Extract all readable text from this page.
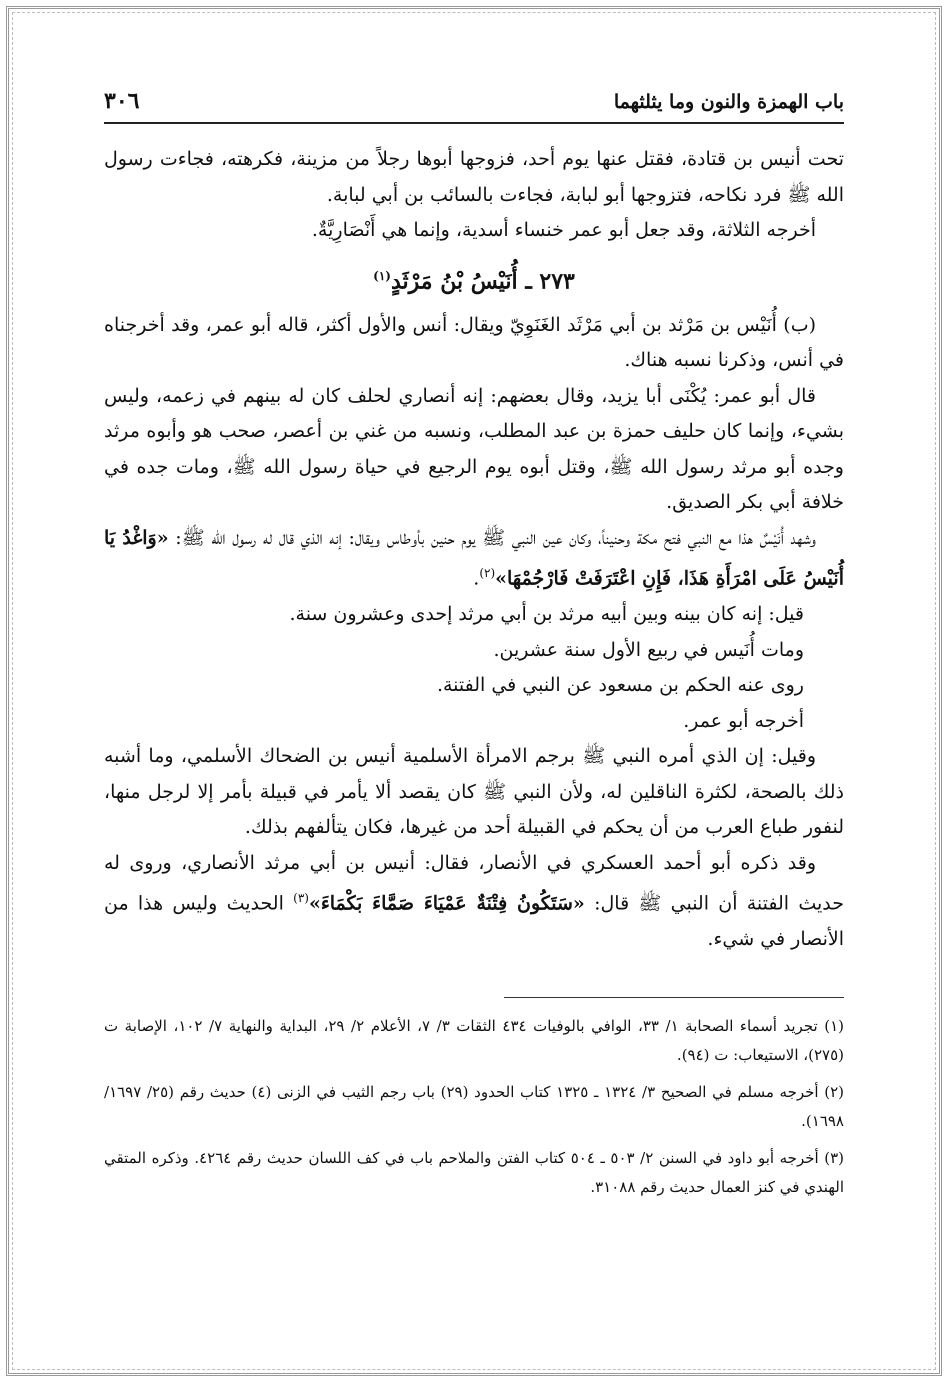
باب الهمزة والنون وما يثلثهما
٣٠٦

تحت أنيس بن قتادة، فقتل عنها يوم أحد، فزوجها أبوها رجلاً من مزينة، فكرهته، فجاءت رسول الله ﷺ فرد نكاحه، فتزوجها أبو لبابة، فجاءت بالسائب بن أبي لبابة.

أخرجه الثلاثة، وقد جعل أبو عمر خنساء أسدية، وإنما هي أَنْصَارِيَّةٌ.

٢٧٣ ـ أُنَيْسُ بْنُ مَرْثَدٍ$^{(١)}$

(ب) أُنَيْس بن مَرْثد بن أبي مَرْثَد الغَنَوِيّ ويقال: أنس والأول أكثر، قاله أبو عمر، وقد أخرجناه في أنس، وذكرنا نسبه هناك.

قال أبو عمر: يُكْنَى أبا يزيد، وقال بعضهم: إنه أنصاري لحلف كان له بينهم في زعمه، وليس بشيء، وإنما كان حليف حمزة بن عبد المطلب، ونسبه من غني بن أعصر، صحب هو وأبوه مرثد وجده أبو مرثد رسول الله ﷺ، وقتل أبوه يوم الرجيع في حياة رسول الله ﷺ، ومات جده في خلافة أبي بكر الصديق.

وشهد أُنَيْسٌ هذا مع النبي فتح مكة وحنيناً، وكان عين النبي ﷺ يوم حنين بأوطاس ويقال: إنه الذي قال له رسول الله ﷺ: «وَاغْدُ يَا أُنَيْسُ عَلَى امْرَأَةِ هَذَا، فَإِنِ اعْتَرَفَتْ فَارْجُمْهَا»$^{(٢)}$.

قيل: إنه كان بينه وبين أبيه مرثد بن أبي مرثد إحدى وعشرون سنة.

ومات أُنَيس في ربيع الأول سنة عشرين.

روى عنه الحكم بن مسعود عن النبي في الفتنة.

أخرجه أبو عمر.

وقيل: إن الذي أمره النبي ﷺ برجم الامرأة الأسلمية أنيس بن الضحاك الأسلمي، وما أشبه ذلك بالصحة، لكثرة الناقلين له، ولأن النبي ﷺ كان يقصد ألا يأمر في قبيلة بأمر إلا لرجل منها، لنفور طباع العرب من أن يحكم في القبيلة أحد من غيرها، فكان يتألفهم بذلك.

وقد ذكره أبو أحمد العسكري في الأنصار، فقال: أنيس بن أبي مرثد الأنصاري، وروى له حديث الفتنة أن النبي ﷺ قال: «سَتَكُونُ فِتْنَةٌ عَمْيَاءَ صَمَّاءَ بَكْمَاءَ»$^{(٣)}$ الحديث وليس هذا من الأنصار في شيء.

(١) تجريد أسماء الصحابة ١/ ٣٣، الوافي بالوفيات ٤٣٤ الثقات ٣/ ٧، الأعلام ٢/ ٢٩، البداية والنهاية ٧/ ١٠٢، الإصابة ت (٢٧٥)، الاستيعاب: ت (٩٤).

(٢) أخرجه مسلم في الصحيح ٣/ ١٣٢٤ ـ ١٣٢٥ كتاب الحدود (٢٩) باب رجم الثيب في الزنى (٤) حديث رقم (٢٥/ ١٦٩٧/ ١٦٩٨).

(٣) أخرجه أبو داود في السنن ٢/ ٥٠٣ ـ ٥٠٤ كتاب الفتن والملاحم باب في كف اللسان حديث رقم ٤٢٦٤. وذكره المتقي الهندي في كنز العمال حديث رقم ٣١٠٨٨.
